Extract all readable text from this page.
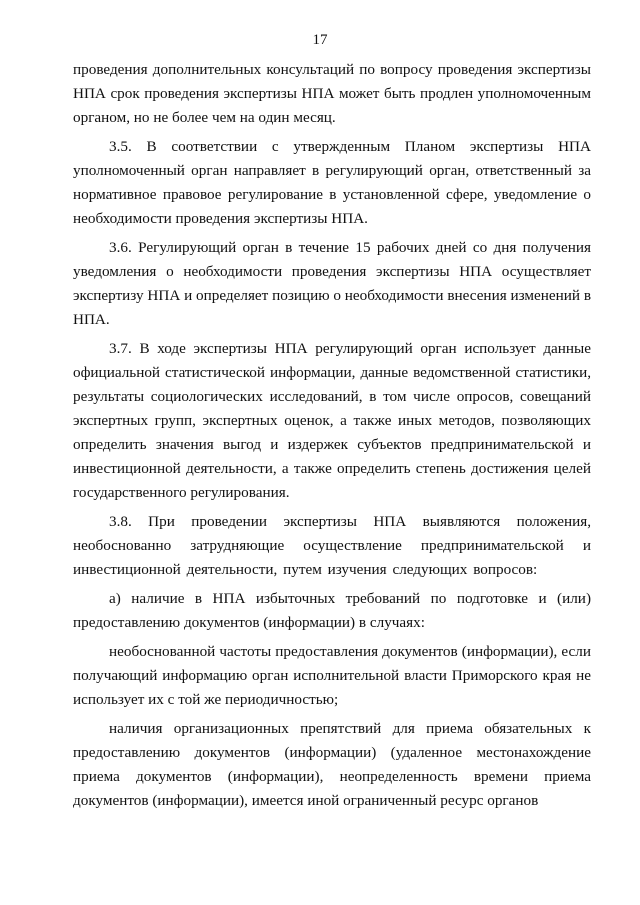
17

проведения дополнительных консультаций по вопросу проведения экспертизы НПА срок проведения экспертизы НПА может быть продлен уполномоченным органом, но не более чем на один месяц.

3.5. В соответствии с утвержденным Планом экспертизы НПА уполномоченный орган направляет в регулирующий орган, ответственный за нормативное правовое регулирование в установленной сфере, уведомление о необходимости проведения экспертизы НПА.

3.6. Регулирующий орган в течение 15 рабочих дней со дня получения уведомления о необходимости проведения экспертизы НПА осуществляет экспертизу НПА и определяет позицию о необходимости внесения изменений в НПА.

3.7. В ходе экспертизы НПА регулирующий орган использует данные официальной статистической информации, данные ведомственной статистики, результаты социологических исследований, в том числе опросов, совещаний экспертных групп, экспертных оценок, а также иных методов, позволяющих определить значения выгод и издержек субъектов предпринимательской и инвестиционной деятельности, а также определить степень достижения целей государственного регулирования.

3.8. При проведении экспертизы НПА выявляются положения, необоснованно затрудняющие осуществление предпринимательской и инвестиционной деятельности, путем изучения следующих вопросов:

а) наличие в НПА избыточных требований по подготовке и (или) предоставлению документов (информации) в случаях:

необоснованной частоты предоставления документов (информации), если получающий информацию орган исполнительной власти Приморского края не использует их с той же периодичностью;

наличия организационных препятствий для приема обязательных к предоставлению документов (информации) (удаленное местонахождение приема документов (информации), неопределенность времени приема документов (информации), имеется иной ограниченный ресурс органов
